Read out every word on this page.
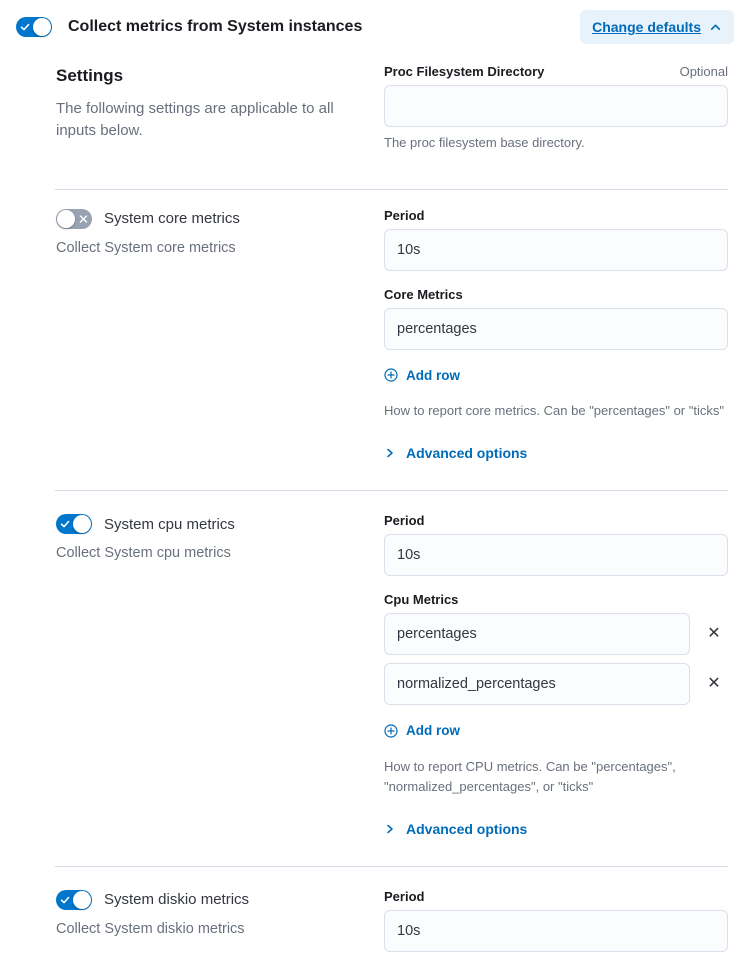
Collect metrics from System instances	Change defaults
Settings
The following settings are applicable to all inputs below.
Proc Filesystem Directory	Optional
The proc filesystem base directory.
System core metrics
Collect System core metrics
Period
10s
Core Metrics
percentages
Add row
How to report core metrics. Can be "percentages" or "ticks"
Advanced options
System cpu metrics
Collect System cpu metrics
Period
10s
Cpu Metrics
percentages
✕
normalized_percentages
✕
Add row
How to report CPU metrics. Can be "percentages", "normalized_percentages", or "ticks"
Advanced options
System diskio metrics
Collect System diskio metrics
Period
10s
